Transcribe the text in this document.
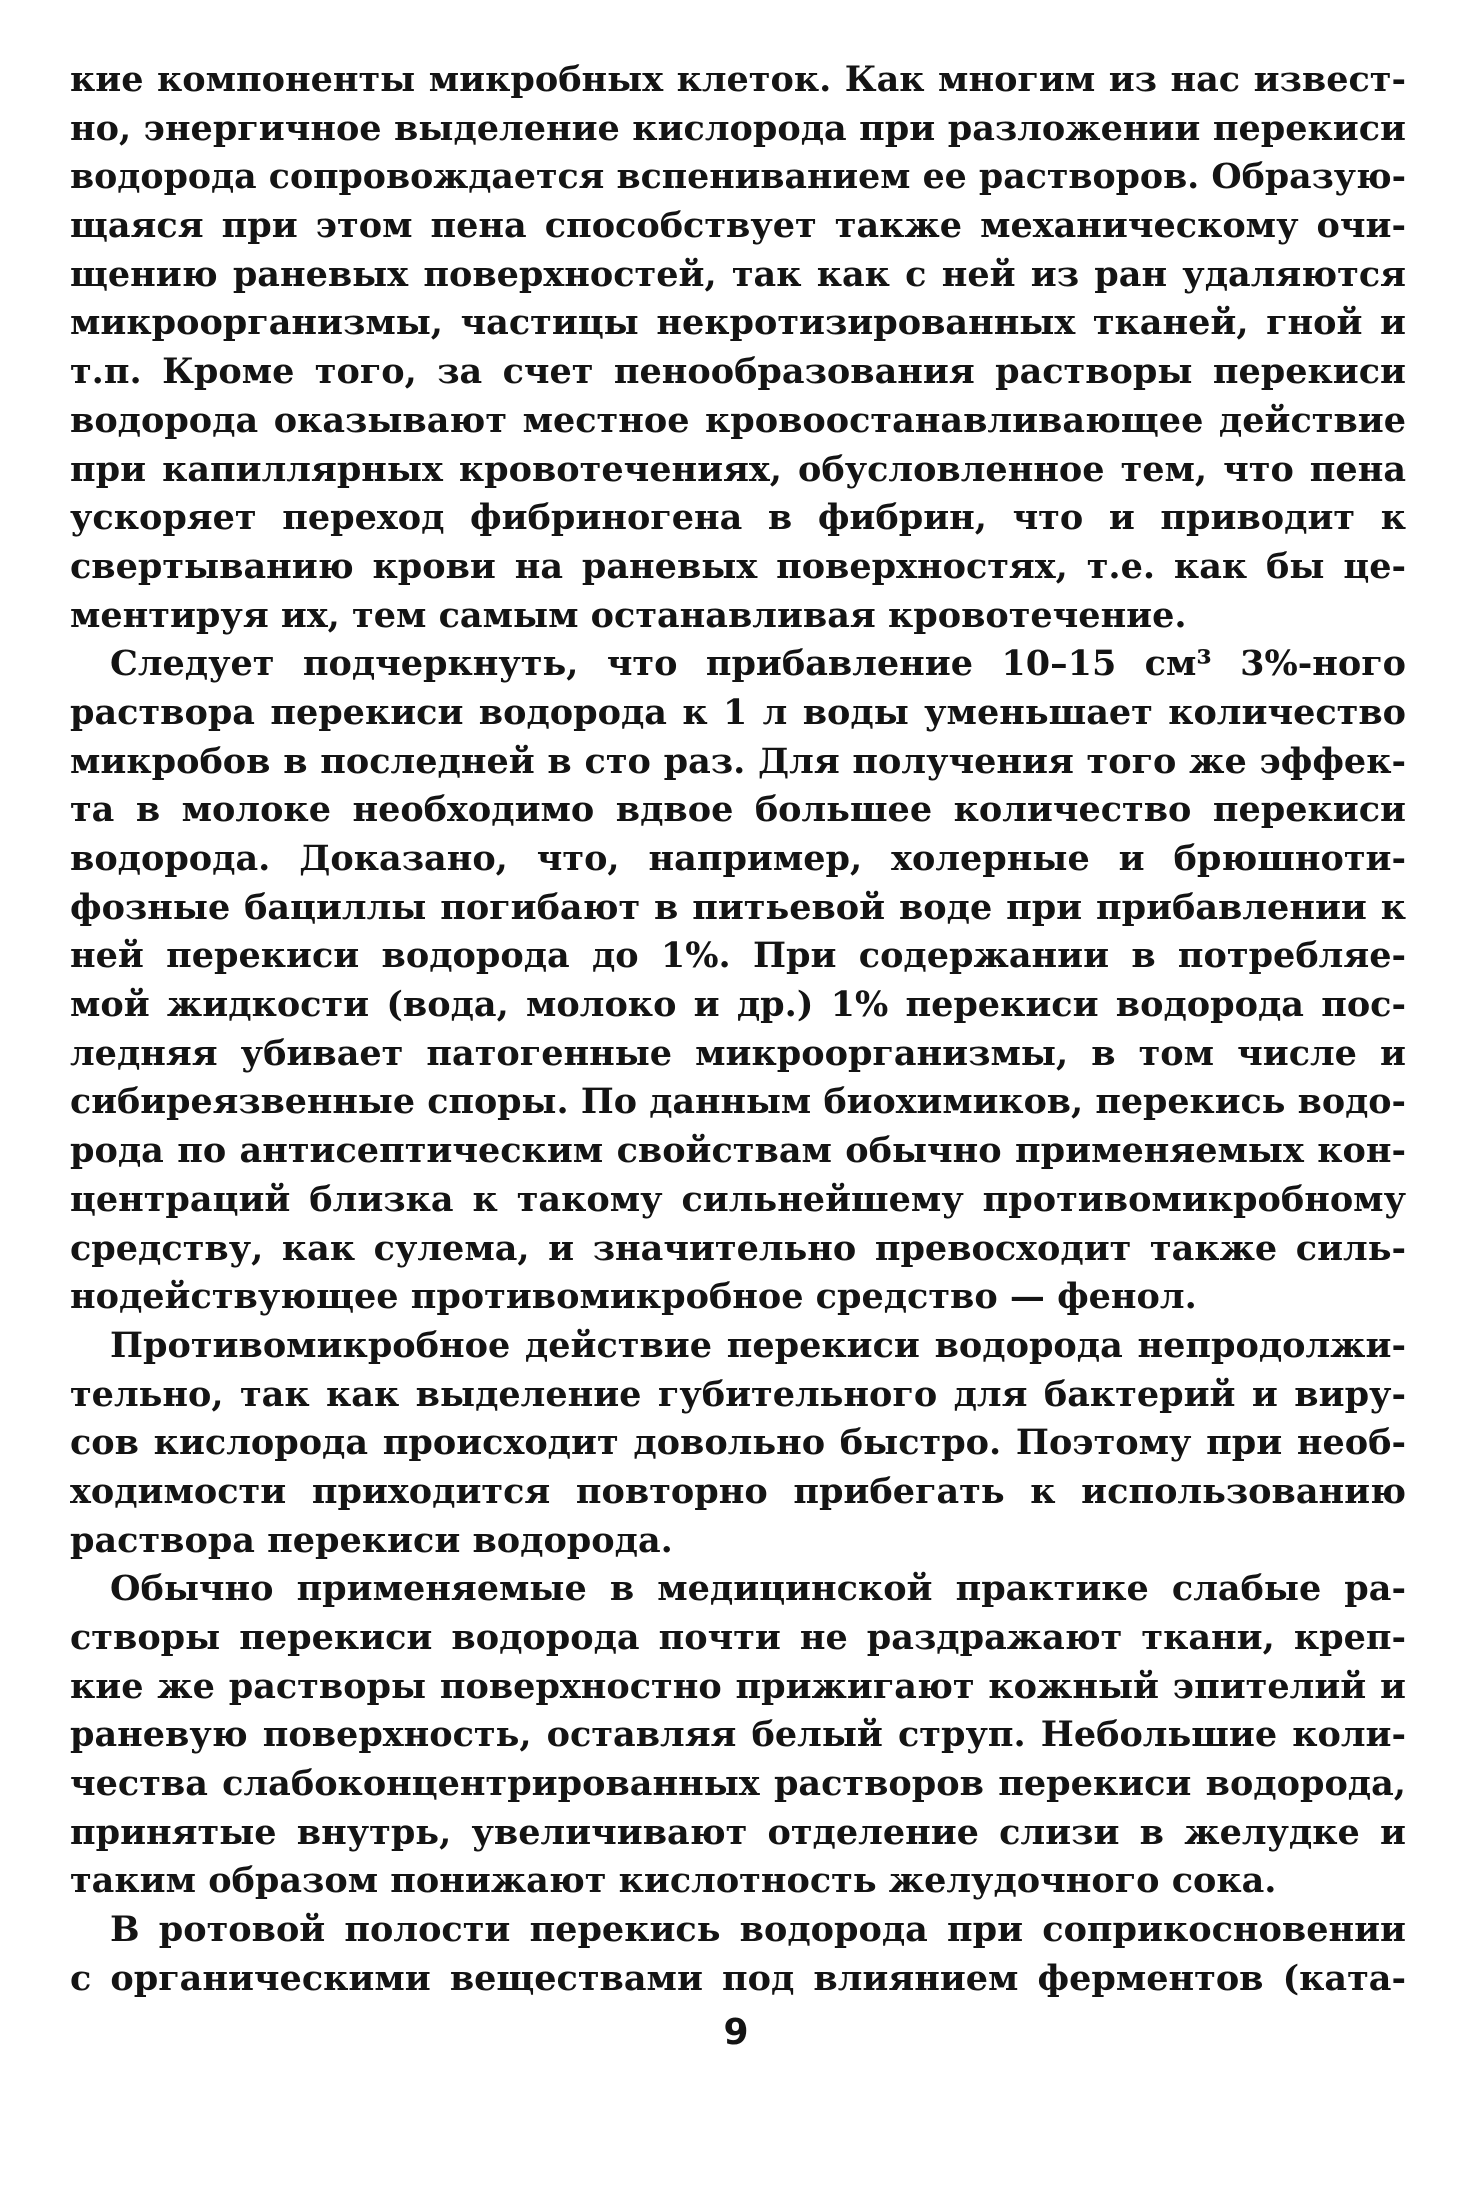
кие компоненты микробных клеток. Как многим из нас извест-
но, энергичное выделение кислорода при разложении перекиси
водорода сопровождается вспениванием ее растворов. Образую-
щаяся при этом пена способствует также механическому очи-
щению раневых поверхностей, так как с ней из ран удаляются
микроорганизмы, частицы некротизированных тканей, гной и
т.п. Кроме того, за счет пенообразования растворы перекиси
водорода оказывают местное кровоостанавливающее действие
при капиллярных кровотечениях, обусловленное тем, что пена
ускоряет переход фибриногена в фибрин, что и приводит к
свертыванию крови на раневых поверхностях, т.е. как бы це-
ментируя их, тем самым останавливая кровотечение.
Следует подчеркнуть, что прибавление 10–15 см³ 3%-ного
раствора перекиси водорода к 1 л воды уменьшает количество
микробов в последней в сто раз. Для получения того же эффек-
та в молоке необходимо вдвое большее количество перекиси
водорода. Доказано, что, например, холерные и брюшноти-
фозные бациллы погибают в питьевой воде при прибавлении к
ней перекиси водорода до 1%. При содержании в потребляе-
мой жидкости (вода, молоко и др.) 1% перекиси водорода пос-
ледняя убивает патогенные микроорганизмы, в том числе и
сибиреязвенные споры. По данным биохимиков, перекись водо-
рода по антисептическим свойствам обычно применяемых кон-
центраций близка к такому сильнейшему противомикробному
средству, как сулема, и значительно превосходит также силь-
нодействующее противомикробное средство — фенол.
Противомикробное действие перекиси водорода непродолжи-
тельно, так как выделение губительного для бактерий и виру-
сов кислорода происходит довольно быстро. Поэтому при необ-
ходимости приходится повторно прибегать к использованию
раствора перекиси водорода.
Обычно применяемые в медицинской практике слабые ра-
створы перекиси водорода почти не раздражают ткани, креп-
кие же растворы поверхностно прижигают кожный эпителий и
раневую поверхность, оставляя белый струп. Небольшие коли-
чества слабоконцентрированных растворов перекиси водорода,
принятые внутрь, увеличивают отделение слизи в желудке и
таким образом понижают кислотность желудочного сока.
В ротовой полости перекись водорода при соприкосновении
с органическими веществами под влиянием ферментов (ката-
9
